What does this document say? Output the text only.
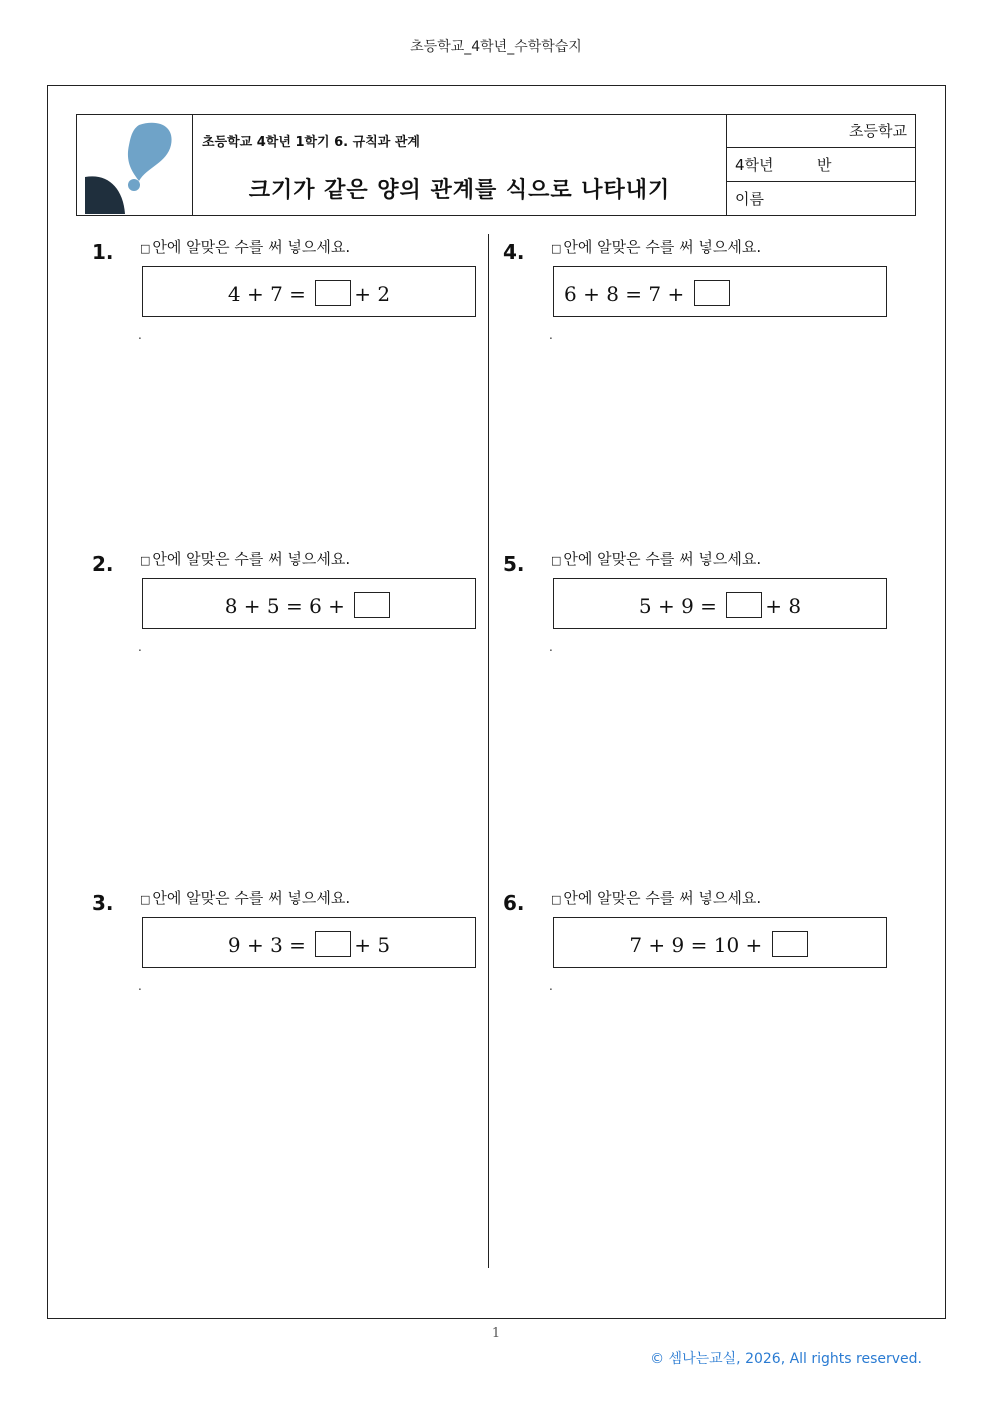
초등학교_4학년_수학학습지
초등학교 4학년 1학기 6. 규칙과 관계
크기가 같은 양의 관계를 식으로 나타내기
초등학교
4학년	반
이름
1. □ 안에 알맞은 수를 써 넣으세요.
4 + 7 = + 2
.
2. □ 안에 알맞은 수를 써 넣으세요.
8 + 5 = 6 +
.
3. □ 안에 알맞은 수를 써 넣으세요.
9 + 3 = + 5
.
4. □ 안에 알맞은 수를 써 넣으세요.
6 + 8 = 7 +
.
5. □ 안에 알맞은 수를 써 넣으세요.
5 + 9 = + 8
.
6. □ 안에 알맞은 수를 써 넣으세요.
7 + 9 = 10 +
.
1
© 셈나는교실, 2026, All rights reserved.
